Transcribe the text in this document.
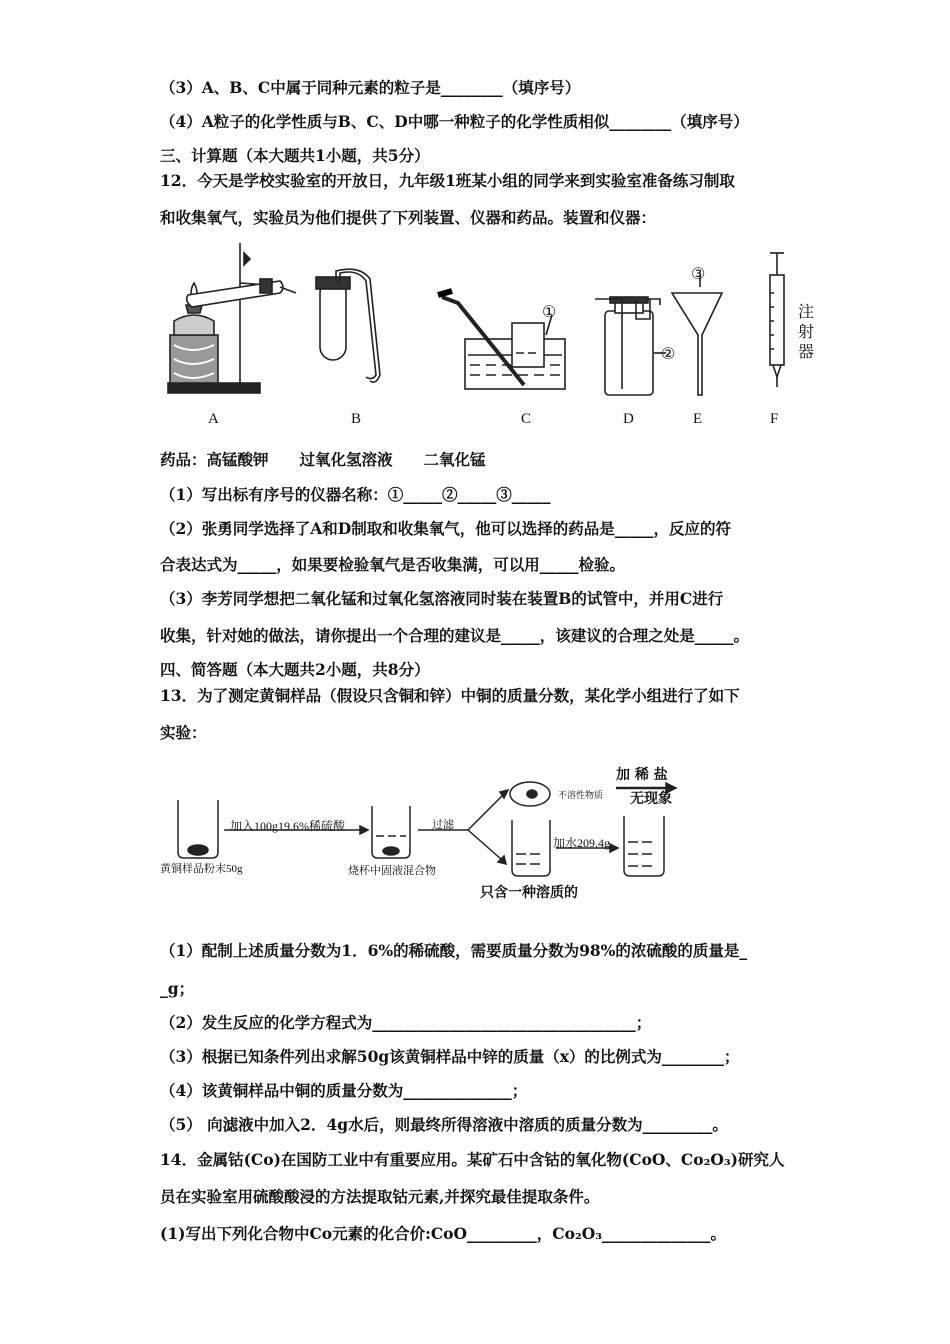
（3）A、B、C中属于同种元素的粒子是________（填序号）
（4）A粒子的化学性质与B、C、D中哪一种粒子的化学性质相似________（填序号）
三、计算题（本大题共1小题，共5分）
12．今天是学校实验室的开放日，九年级1班某小组的同学来到实验室准备练习制取
和收集氧气，实验员为他们提供了下列装置、仪器和药品。装置和仪器：
A	B	C	D	E	F
①
②
③
注射器
药品：高锰酸钾　　过氧化氢溶液　　二氧化锰
（1）写出标有序号的仪器名称：①_____②_____③_____
（2）张勇同学选择了A和D制取和收集氧气，他可以选择的药品是_____，反应的符
合表达式为_____，如果要检验氧气是否收集满，可以用_____检验。
（3）李芳同学想把二氧化锰和过氧化氢溶液同时装在装置B的试管中，并用C进行
收集，针对她的做法，请你提出一个合理的建议是_____，该建议的合理之处是_____。
四、简答题（本大题共2小题，共8分）
13．为了测定黄铜样品（假设只含铜和锌）中铜的质量分数，某化学小组进行了如下
实验：
加入100g19.6%稀硫酸	过滤
加水209.4g
黄铜样品粉末50g	烧杯中固液混合物
不溶性物质
加 稀 盐
无现象
只含一种溶质的
（1）配制上述质量分数为1．6%的稀硫酸，需要质量分数为98%的浓硫酸的质量是_
_g；
（2）发生反应的化学方程式为__________________________________；
（3）根据已知条件列出求解50g该黄铜样品中锌的质量（x）的比例式为________；
（4）该黄铜样品中铜的质量分数为______________；
（5） 向滤液中加入2．4g水后，则最终所得溶液中溶质的质量分数为_________。
14．金属钴(Co)在国防工业中有重要应用。某矿石中含钴的氧化物(CoO、Co₂O₃)研究人
员在实验室用硫酸酸浸的方法提取钴元素,并探究最佳提取条件。
(1)写出下列化合物中Co元素的化合价:CoO_________，Co₂O₃______________。
